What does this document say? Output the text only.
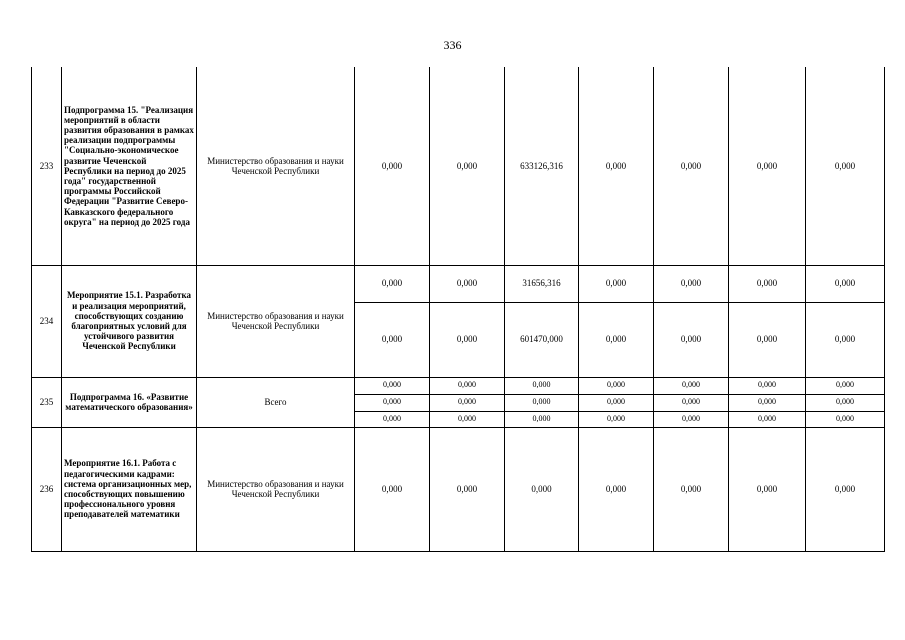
336
233	Подпрограмма 15. "Реализация мероприятий в области развития образования в рамках реализации подпрограммы "Социально-экономическое развитие Чеченской Республики на период до 2025 года" государственной программы Российской Федерации "Развитие Северо-Кавказского федерального округа" на период до 2025 года	Министерство образования и науки Чеченской Республики	0,000	0,000	633126,316	0,000	0,000	0,000	0,000
234	Мероприятие 15.1. Разработка и реализация мероприятий, способствующих созданию благоприятных условий для устойчивого развития Чеченской Республики	Министерство образования и науки Чеченской Республики	0,000	0,000	31656,316	0,000	0,000	0,000	0,000
			0,000	0,000	601470,000	0,000	0,000	0,000	0,000
235	Подпрограмма 16. «Развитие математического образования»	Всего	0,000	0,000	0,000	0,000	0,000	0,000	0,000
			0,000	0,000	0,000	0,000	0,000	0,000	0,000
			0,000	0,000	0,000	0,000	0,000	0,000	0,000
236	Мероприятие 16.1. Работа с педагогическими кадрами: система организационных мер, способствующих повышению профессионального уровня преподавателей математики	Министерство образования и науки Чеченской Республики	0,000	0,000	0,000	0,000	0,000	0,000	0,000
